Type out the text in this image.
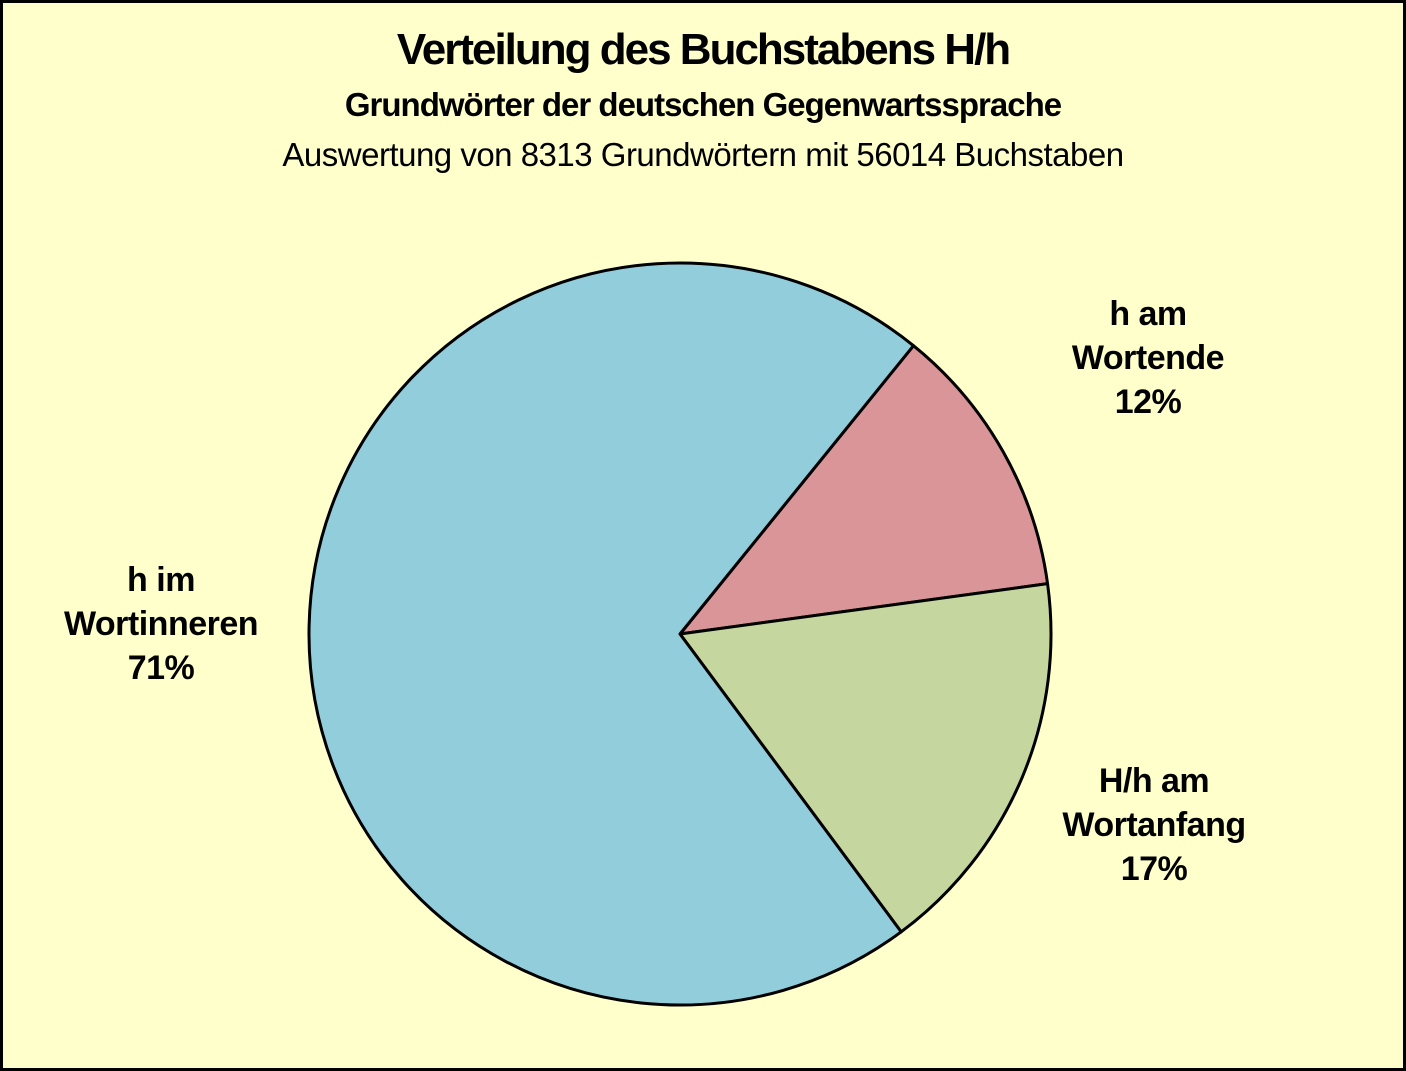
Verteilung des Buchstabens H/h
Grundwörter der deutschen Gegenwartssprache
Auswertung von 8313 Grundwörtern mit 56014 Buchstaben
h am
Wortende
12%
h im
Wortinneren
71%
H/h am
Wortanfang
17%
